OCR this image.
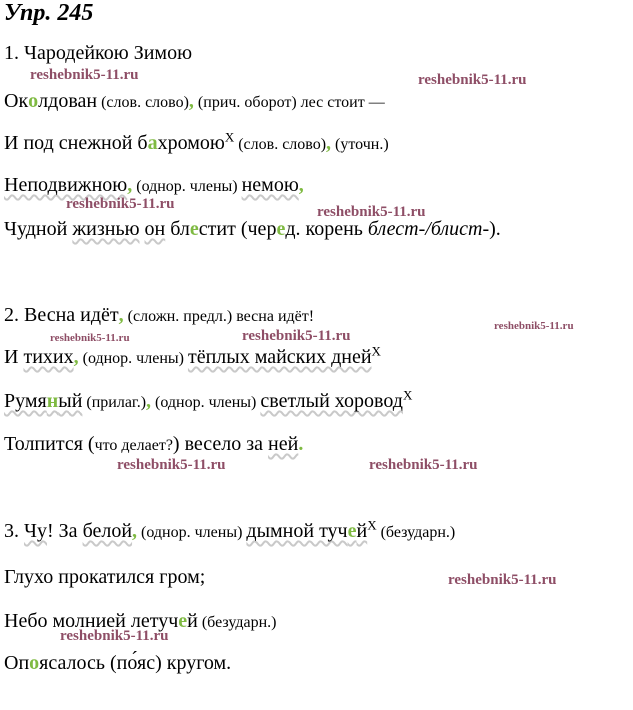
Упр. 245
1. Чародейкою Зимою
Околдован (слов. слово), (прич. оборот) лес стоит —
И под снежной бахромою$^X$ (слов. слово), (уточн.)
Неподвижною, (однор. члены) немою,
Чудной жизнью он блестит (черед. корень блест-/блист-).
2. Весна идёт, (сложн. предл.) весна идёт!
И тихих, (однор. члены) тёплых майских дней$^X$
Румяный (прилаг.), (однор. члены) светлый хоровод$^X$
Толпится (что делает?) весело за ней.
3. Чу! За белой, (однор. члены) дымной тучей$^X$ (безударн.)
Глухо прокатился гром;
Небо молнией летучей (безударн.)
Опоясалось (пояс) кругом.
reshebnik5-11.ru	reshebnik5-11.ru
reshebnik5-11.ru	reshebnik5-11.ru
reshebnik5-11.ru	reshebnik5-11.ru
reshebnik5-11.ru
reshebnik5-11.ru	reshebnik5-11.ru
reshebnik5-11.ru
reshebnik5-11.ru
